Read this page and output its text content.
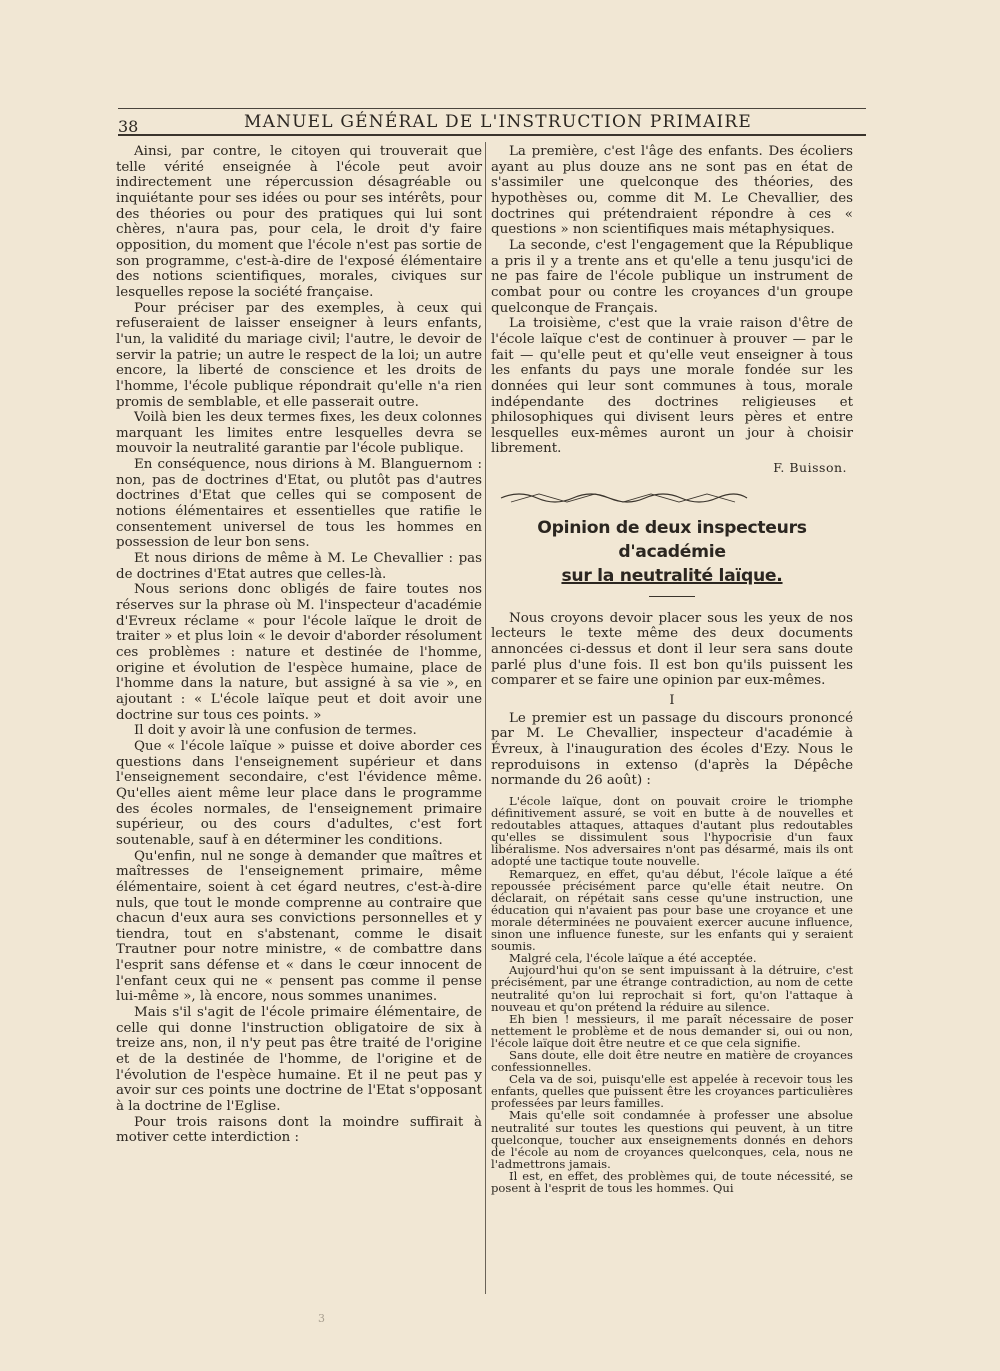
38	MANUEL GÉNÉRAL DE L'INSTRUCTION PRIMAIRE

Ainsi, par contre, le citoyen qui trouverait que telle vérité enseignée à l'école peut avoir indirectement une répercussion désagréable ou inquiétante pour ses idées ou pour ses intérêts, pour des théories ou pour des pratiques qui lui sont chères, n'aura pas, pour cela, le droit d'y faire opposition, du moment que l'école n'est pas sortie de son programme, c'est-à-dire de l'exposé élémentaire des notions scientifiques, morales, civiques sur lesquelles repose la société française.

Pour préciser par des exemples, à ceux qui refuseraient de laisser enseigner à leurs enfants, l'un, la validité du mariage civil; l'autre, le devoir de servir la patrie; un autre le respect de la loi; un autre encore, la liberté de conscience et les droits de l'homme, l'école publique répondrait qu'elle n'a rien promis de semblable, et elle passerait outre.

Voilà bien les deux termes fixes, les deux colonnes marquant les limites entre lesquelles devra se mouvoir la neutralité garantie par l'école publique.

En conséquence, nous dirions à M. Blanguernom : non, pas de doctrines d'Etat, ou plutôt pas d'autres doctrines d'Etat que celles qui se composent de notions élémentaires et essentielles que ratifie le consentement universel de tous les hommes en possession de leur bon sens.

Et nous dirions de même à M. Le Chevallier : pas de doctrines d'Etat autres que celles-là.

Nous serions donc obligés de faire toutes nos réserves sur la phrase où M. l'inspecteur d'académie d'Evreux réclame « pour l'école laïque le droit de traiter » et plus loin « le devoir d'aborder résolument ces problèmes : nature et destinée de l'homme, origine et évolution de l'espèce humaine, place de l'homme dans la nature, but assigné à sa vie », en ajoutant : « L'école laïque peut et doit avoir une doctrine sur tous ces points. »

Il doit y avoir là une confusion de termes.

Que « l'école laïque » puisse et doive aborder ces questions dans l'enseignement supérieur et dans l'enseignement secondaire, c'est l'évidence même. Qu'elles aient même leur place dans le programme des écoles normales, de l'enseignement primaire supérieur, ou des cours d'adultes, c'est fort soutenable, sauf à en déterminer les conditions.

Qu'enfin, nul ne songe à demander que maîtres et maîtresses de l'enseignement primaire, même élémentaire, soient à cet égard neutres, c'est-à-dire nuls, que tout le monde comprenne au contraire que chacun d'eux aura ses convictions personnelles et y tiendra, tout en s'abstenant, comme le disait Trautner pour notre ministre, « de combattre dans l'esprit sans défense et « dans le cœur innocent de l'enfant ceux qui ne « pensent pas comme il pense lui-même », là encore, nous sommes unanimes.

Mais s'il s'agit de l'école primaire élémentaire, de celle qui donne l'instruction obligatoire de six à treize ans, non, il n'y peut pas être traité de l'origine et de la destinée de l'homme, de l'origine et de l'évolution de l'espèce humaine. Et il ne peut pas y avoir sur ces points une doctrine de l'Etat s'opposant à la doctrine de l'Eglise.

Pour trois raisons dont la moindre suffirait à motiver cette interdiction :

La première, c'est l'âge des enfants. Des écoliers ayant au plus douze ans ne sont pas en état de s'assimiler une quelconque des théories, des hypothèses ou, comme dit M. Le Chevallier, des doctrines qui prétendraient répondre à ces « questions » non scientifiques mais métaphysiques.

La seconde, c'est l'engagement que la République a pris il y a trente ans et qu'elle a tenu jusqu'ici de ne pas faire de l'école publique un instrument de combat pour ou contre les croyances d'un groupe quelconque de Français.

La troisième, c'est que la vraie raison d'être de l'école laïque c'est de continuer à prouver — par le fait — qu'elle peut et qu'elle veut enseigner à tous les enfants du pays une morale fondée sur les données qui leur sont communes à tous, morale indépendante des doctrines religieuses et philosophiques qui divisent leurs pères et entre lesquelles eux-mêmes auront un jour à choisir librement.

F. Buisson.
Opinion de deux inspecteurs d'académie
sur la neutralité laïque.

Nous croyons devoir placer sous les yeux de nos lecteurs le texte même des deux documents annoncées ci-dessus et dont il leur sera sans doute parlé plus d'une fois. Il est bon qu'ils puissent les comparer et se faire une opinion par eux-mêmes.

I

Le premier est un passage du discours prononcé par M. Le Chevallier, inspecteur d'académie à Évreux, à l'inauguration des écoles d'Ezy. Nous le reproduisons in extenso (d'après la Dépêche normande du 26 août) :

L'école laïque, dont on pouvait croire le triomphe définitivement assuré, se voit en butte à de nouvelles et redoutables attaques, attaques d'autant plus redoutables qu'elles se dissimulent sous l'hypocrisie d'un faux libéralisme. Nos adversaires n'ont pas désarmé, mais ils ont adopté une tactique toute nouvelle.

Remarquez, en effet, qu'au début, l'école laïque a été repoussée précisément parce qu'elle était neutre. On déclarait, on répétait sans cesse qu'une instruction, une éducation qui n'avaient pas pour base une croyance et une morale déterminées ne pouvaient exercer aucune influence, sinon une influence funeste, sur les enfants qui y seraient soumis.

Malgré cela, l'école laïque a été acceptée.

Aujourd'hui qu'on se sent impuissant à la détruire, c'est précisément, par une étrange contradiction, au nom de cette neutralité qu'on lui reprochait si fort, qu'on l'attaque à nouveau et qu'on prétend la réduire au silence.

Eh bien ! messieurs, il me paraît nécessaire de poser nettement le problème et de nous demander si, oui ou non, l'école laïque doit être neutre et ce que cela signifie.

Sans doute, elle doit être neutre en matière de croyances confessionnelles.

Cela va de soi, puisqu'elle est appelée à recevoir tous les enfants, quelles que puissent être les croyances particulières professées par leurs familles.

Mais qu'elle soit condamnée à professer une absolue neutralité sur toutes les questions qui peuvent, à un titre quelconque, toucher aux enseignements donnés en dehors de l'école au nom de croyances quelconques, cela, nous ne l'admettrons jamais.

Il est, en effet, des problèmes qui, de toute nécessité, se posent à l'esprit de tous les hommes. Qui

3
